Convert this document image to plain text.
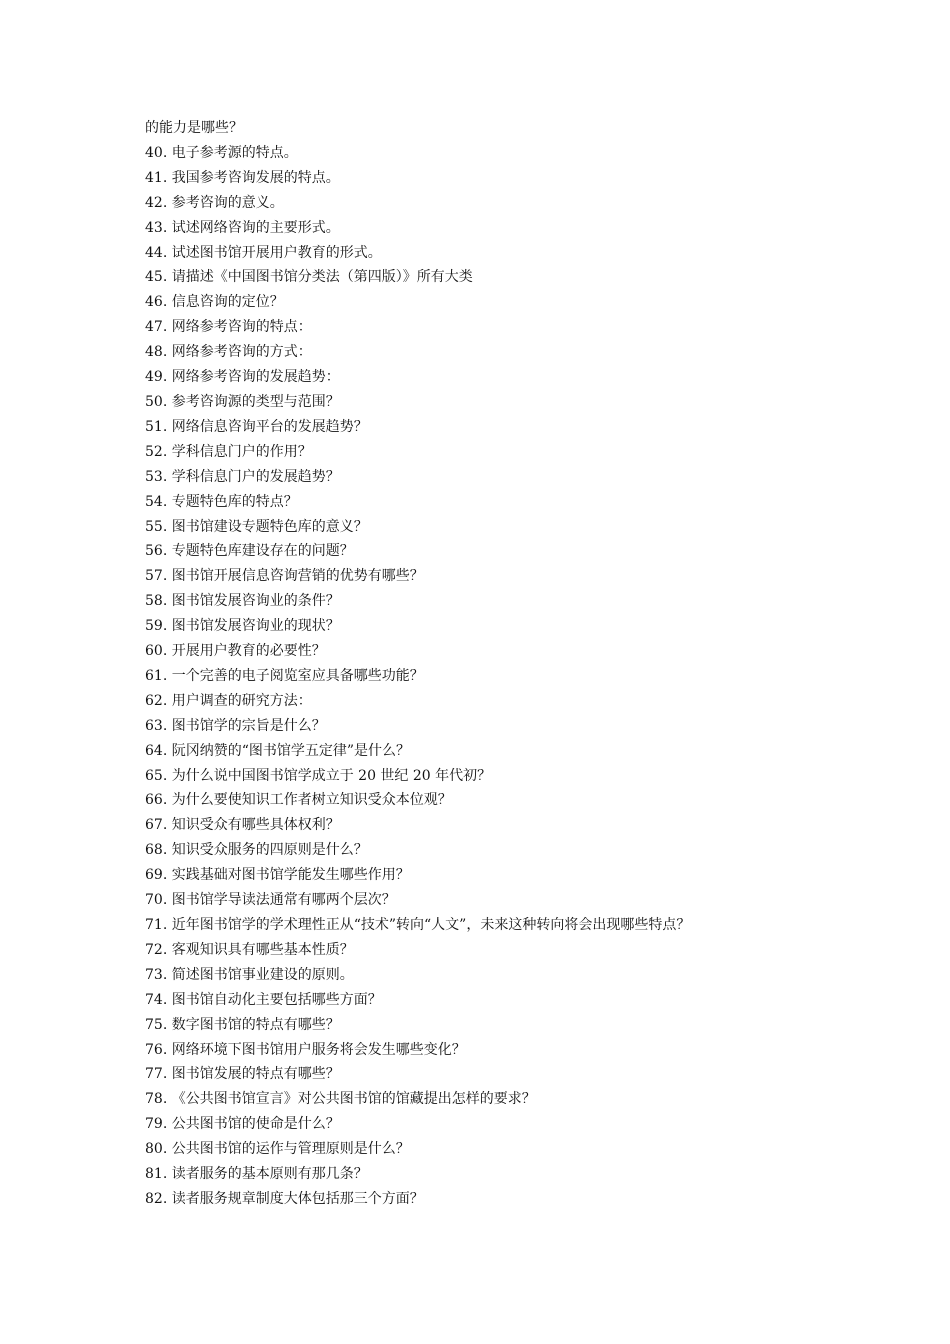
的能力是哪些？
40. 电子参考源的特点。
41. 我国参考咨询发展的特点。
42. 参考咨询的意义。
43. 试述网络咨询的主要形式。
44. 试述图书馆开展用户教育的形式。
45. 请描述《中国图书馆分类法（第四版）》所有大类
46. 信息咨询的定位？
47. 网络参考咨询的特点：
48. 网络参考咨询的方式：
49. 网络参考咨询的发展趋势：
50. 参考咨询源的类型与范围？
51. 网络信息咨询平台的发展趋势？
52. 学科信息门户的作用？
53. 学科信息门户的发展趋势？
54. 专题特色库的特点？
55. 图书馆建设专题特色库的意义？
56. 专题特色库建设存在的问题？
57. 图书馆开展信息咨询营销的优势有哪些？
58. 图书馆发展咨询业的条件？
59. 图书馆发展咨询业的现状？
60. 开展用户教育的必要性？
61. 一个完善的电子阅览室应具备哪些功能？
62. 用户调查的研究方法：
63. 图书馆学的宗旨是什么？
64. 阮冈纳赞的“图书馆学五定律”是什么？
65. 为什么说中国图书馆学成立于 20 世纪 20 年代初？
66. 为什么要使知识工作者树立知识受众本位观？
67. 知识受众有哪些具体权利？
68. 知识受众服务的四原则是什么？
69. 实践基础对图书馆学能发生哪些作用？
70. 图书馆学导读法通常有哪两个层次？
71. 近年图书馆学的学术理性正从“技术”转向“人文”，未来这种转向将会出现哪些特点？
72. 客观知识具有哪些基本性质？
73. 简述图书馆事业建设的原则。
74. 图书馆自动化主要包括哪些方面？
75. 数字图书馆的特点有哪些？
76. 网络环境下图书馆用户服务将会发生哪些变化？
77. 图书馆发展的特点有哪些？
78. 《公共图书馆宣言》对公共图书馆的馆藏提出怎样的要求？
79. 公共图书馆的使命是什么？
80. 公共图书馆的运作与管理原则是什么？
81. 读者服务的基本原则有那几条？
82. 读者服务规章制度大体包括那三个方面？
